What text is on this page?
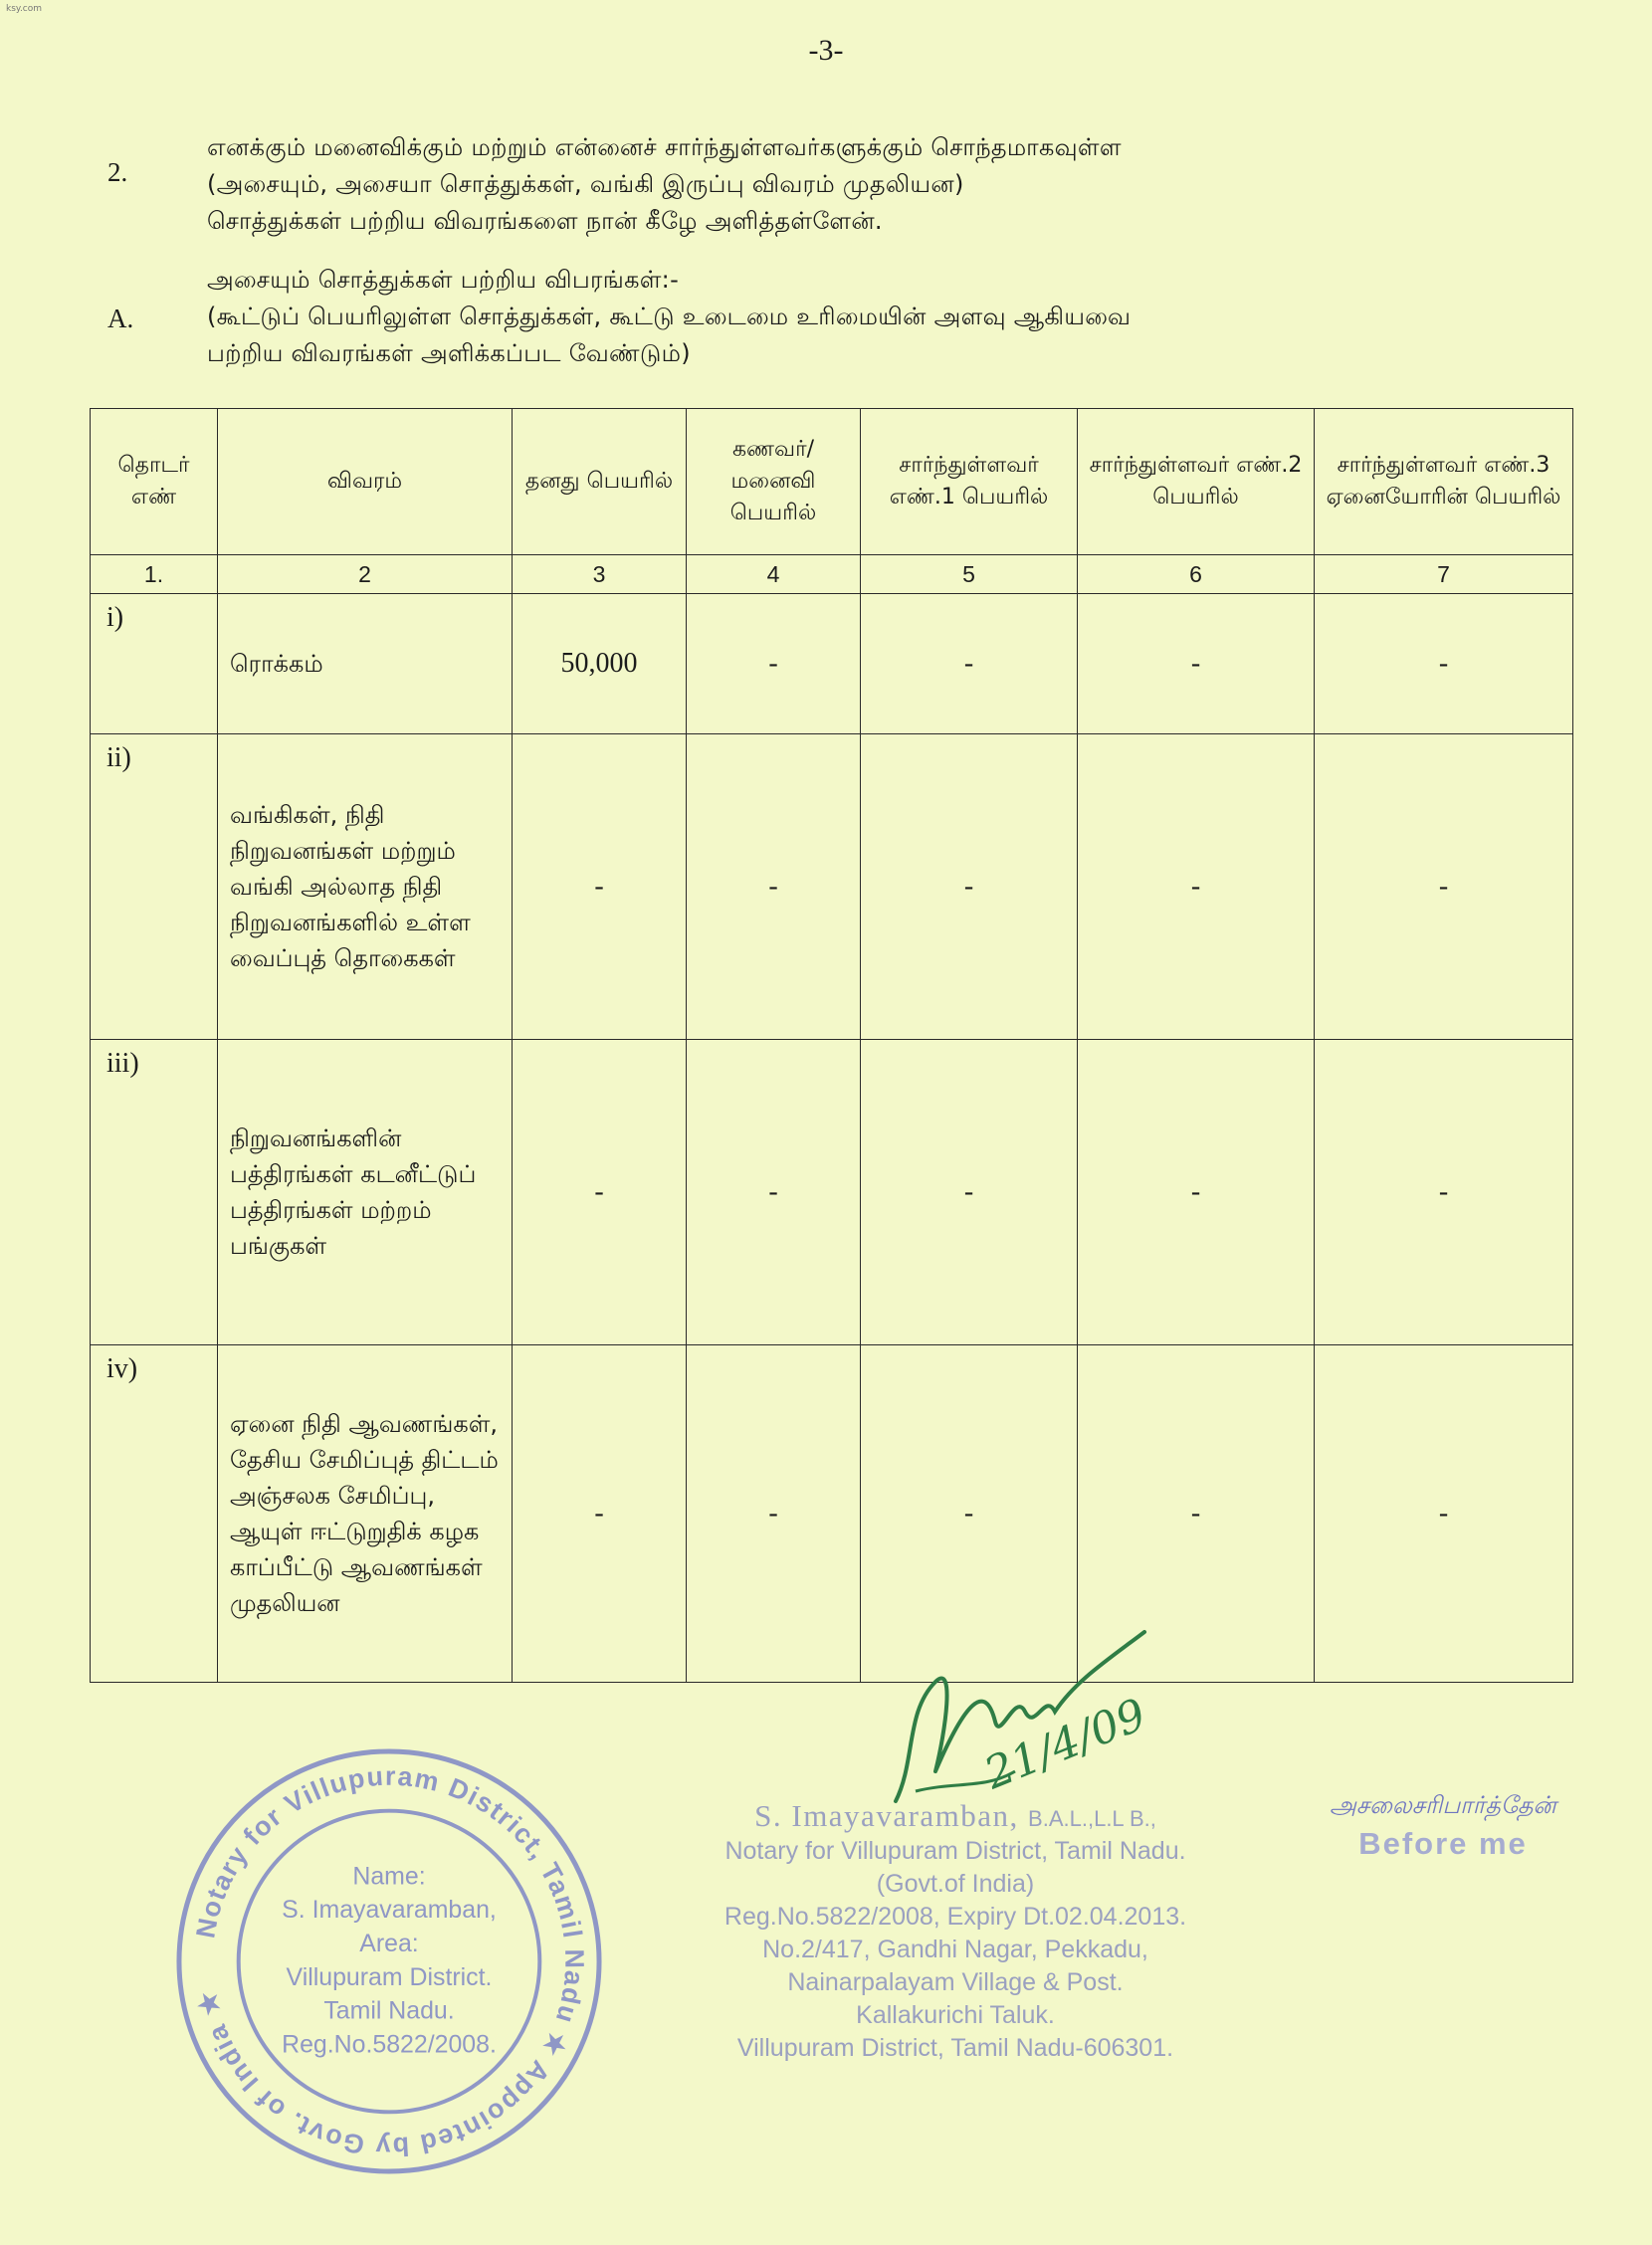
ksy.com
-3-
2.
எனக்கும் மனைவிக்கும் மற்றும் என்னைச் சார்ந்துள்ளவர்களுக்கும் சொந்தமாகவுள்ள
(அசையும், அசையா சொத்துக்கள், வங்கி இருப்பு விவரம் முதலியன)
சொத்துக்கள் பற்றிய விவரங்களை நான் கீழே அளித்தள்ளேன்.
A.
அசையும் சொத்துக்கள் பற்றிய விபரங்கள்:-
(கூட்டுப் பெயரிலுள்ள சொத்துக்கள், கூட்டு உடைமை உரிமையின் அளவு ஆகியவை
பற்றிய விவரங்கள் அளிக்கப்பட வேண்டும்)
தொடர் எண்	விவரம்	தனது பெயரில்	கணவர்/ மனைவி பெயரில்	சார்ந்துள்ளவர் எண்.1 பெயரில்	சார்ந்துள்ளவர் எண்.2 பெயரில்	சார்ந்துள்ளவர் எண்.3 ஏனையோரின் பெயரில்
1.	2	3	4	5	6	7
i)	ரொக்கம்	50,000	-	-	-	-
ii)	வங்கிகள், நிதி நிறுவனங்கள் மற்றும் வங்கி அல்லாத நிதி நிறுவனங்களில் உள்ள வைப்புத் தொகைகள்	-	-	-	-	-
iii)	நிறுவனங்களின் பத்திரங்கள் கடனீட்டுப் பத்திரங்கள் மற்றம் பங்குகள்	-	-	-	-	-
iv)	ஏனை நிதி ஆவணங்கள், தேசிய சேமிப்புத் திட்டம் அஞ்சலக சேமிப்பு, ஆயுள் ஈட்டுறுதிக் கழக காப்பீட்டு ஆவணங்கள் முதலியன	-	-	-	-	-
Notary for Villupuram District, Tamil Nadu ★ Appointed by Govt. of India ★
Name:
S. Imayavaramban,
Area:
Villupuram District.
Tamil Nadu.
Reg.No.5822/2008.
21/4/09
S. Imayavaramban, B.A.L.,L.L B.,
Notary for Villupuram District, Tamil Nadu.
(Govt.of India)
Reg.No.5822/2008, Expiry Dt.02.04.2013.
No.2/417, Gandhi Nagar, Pekkadu,
Nainarpalayam Village & Post.
Kallakurichi Taluk.
Villupuram District, Tamil Nadu-606301.
அசலைசரிபார்த்தேன்
Before me
